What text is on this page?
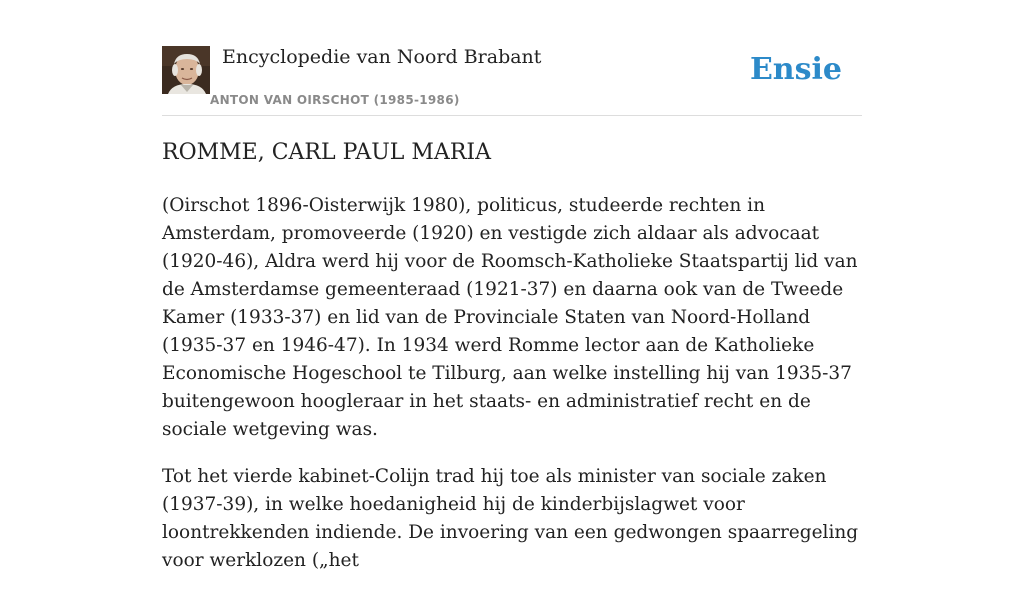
Encyclopedie van Noord Brabant
ANTON VAN OIRSCHOT (1985-1986)
Ensie
ROMME, CARL PAUL MARIA

(Oirschot 1896-Oisterwijk 1980), politicus, studeerde rechten in Amsterdam, promoveerde (1920) en vestigde zich aldaar als advocaat (1920-46), Aldra werd hij voor de Roomsch-Katholieke Staatspartij lid van de Amsterdamse gemeenteraad (1921-37) en daarna ook van de Tweede Kamer (1933-37) en lid van de Provinciale Staten van Noord-Holland (1935-37 en 1946-47). In 1934 werd Romme lector aan de Katholieke Economische Hogeschool te Tilburg, aan welke instelling hij van 1935-37 buitengewoon hoogleraar in het staats- en administratief recht en de sociale wetgeving was.

Tot het vierde kabinet-Colijn trad hij toe als minister van sociale zaken (1937-39), in welke hoedanigheid hij de kinderbijslagwet voor loontrekkenden indiende. De invoering van een gedwongen spaarregeling voor werklozen („het
